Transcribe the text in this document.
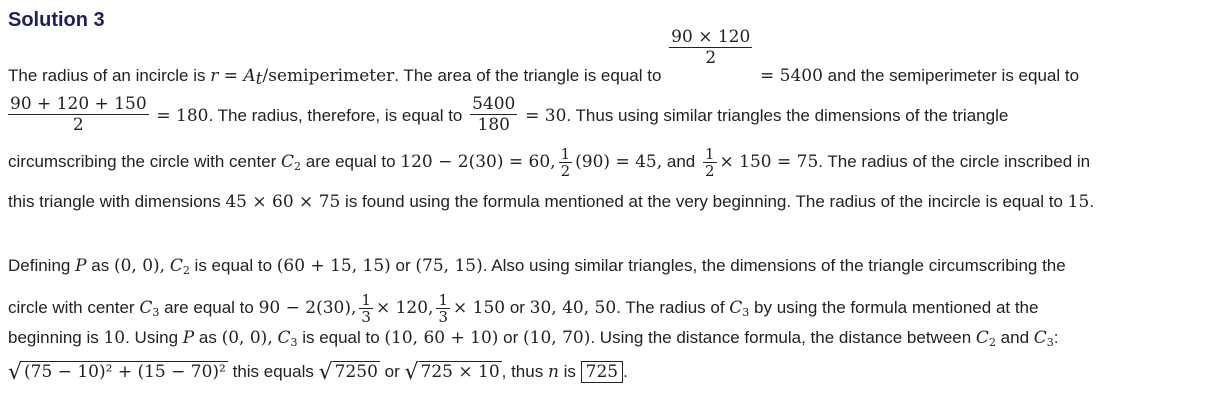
Solution 3
The radius of an incircle is $r = A_t$/semiperimeter. The area of the triangle is equal to
$\frac{90 \times 120}{2}$
= 5400 and the semiperimeter is equal to
$\frac{90 + 120 + 150}{2} = 180$. The radius, therefore, is equal to $\frac{5400}{180} = 30$. Thus using similar triangles the dimensions of the triangle
circumscribing the circle with center $C_2$ are equal to 120 − 2(30) = 60, $\frac{1}{2} (90) = 45$, and $\frac{1}{2} \times 150 = 75$. The radius of the circle inscribed in
this triangle with dimensions 45 × 60 × 75 is found using the formula mentioned at the very beginning. The radius of the incircle is equal to 15.
Defining P as (0, 0), $C_2$ is equal to (60 + 15, 15) or (75, 15). Also using similar triangles, the dimensions of the triangle circumscribing the
circle with center $C_3$ are equal to 90 − 2(30), $\frac{1}{3} \times 120$, $\frac{1}{3} \times 150$ or 30, 40, 50. The radius of $C_3$ by using the formula mentioned at the
beginning is 10. Using P as (0, 0), $C_3$ is equal to (10, 60 + 10) or (10, 70). Using the distance formula, the distance between $C_2$ and $C_3$:
√ (75 − 10)² + (15 − 70)² this equals √ 7250 or √ 725 × 10 , thus n is 725 .
